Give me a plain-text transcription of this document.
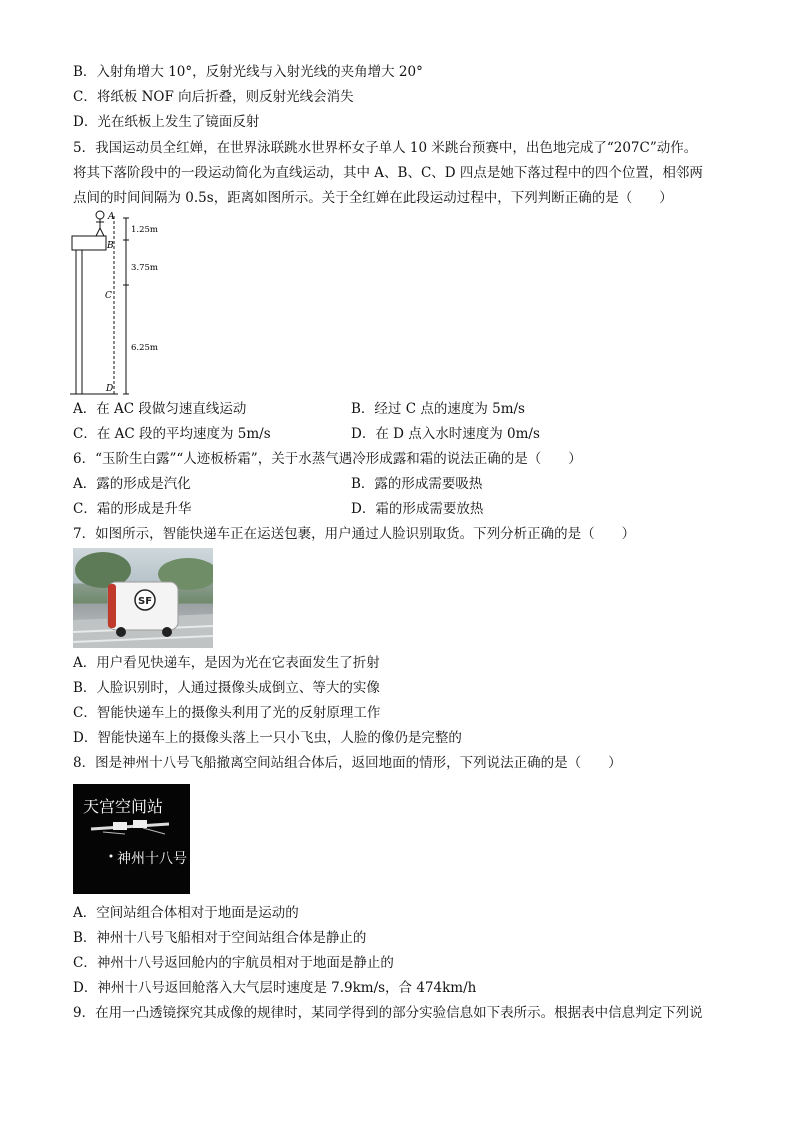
B．入射角增大 10°，反射光线与入射光线的夹角增大 20°
C．将纸板 NOF 向后折叠，则反射光线会消失
D．光在纸板上发生了镜面反射
5．我国运动员全红婵，在世界泳联跳水世界杯女子单人 10 米跳台预赛中，出色地完成了“207C”动作。
将其下落阶段中的一段运动简化为直线运动，其中 A、B、C、D 四点是她下落过程中的四个位置，相邻两
点间的时间间隔为 0.5s，距离如图所示。关于全红婵在此段运动过程中，下列判断正确的是（　　）
A
B
C
D
1.25m
3.75m
6.25m
A．在 AC 段做匀速直线运动	B．经过 C 点的速度为 5m/s
C．在 AC 段的平均速度为 5m/s	D．在 D 点入水时速度为 0m/s
6．“玉阶生白露”“人迹板桥霜”，关于水蒸气遇冷形成露和霜的说法正确的是（　　）
A．露的形成是汽化	B．露的形成需要吸热
C．霜的形成是升华	D．霜的形成需要放热
7．如图所示，智能快递车正在运送包裹，用户通过人脸识别取货。下列分析正确的是（　　）
SF
A．用户看见快递车，是因为光在它表面发生了折射
B．人脸识别时，人通过摄像头成倒立、等大的实像
C．智能快递车上的摄像头利用了光的反射原理工作
D．智能快递车上的摄像头落上一只小飞虫，人脸的像仍是完整的
8．图是神州十八号飞船撤离空间站组合体后，返回地面的情形，下列说法正确的是（　　）
天宫空间站
神州十八号
A．空间站组合体相对于地面是运动的
B．神州十八号飞船相对于空间站组合体是静止的
C．神州十八号返回舱内的宇航员相对于地面是静止的
D．神州十八号返回舱落入大气层时速度是 7.9km/s，合 474km/h
9．在用一凸透镜探究其成像的规律时，某同学得到的部分实验信息如下表所示。根据表中信息判定下列说
